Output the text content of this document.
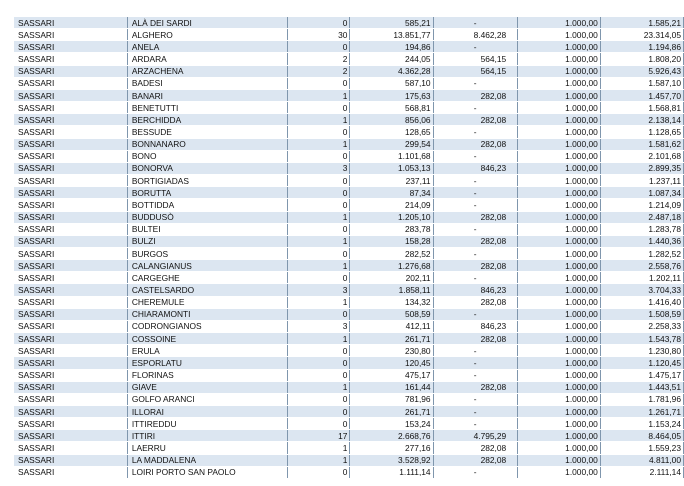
SASSARI	ALÀ DEI SARDI	0	585,21	-	1.000,00	1.585,21
SASSARI	ALGHERO	30	13.851,77	8.462,28	1.000,00	23.314,05
SASSARI	ANELA	0	194,86	-	1.000,00	1.194,86
SASSARI	ARDARA	2	244,05	564,15	1.000,00	1.808,20
SASSARI	ARZACHENA	2	4.362,28	564,15	1.000,00	5.926,43
SASSARI	BADESI	0	587,10	-	1.000,00	1.587,10
SASSARI	BANARI	1	175,63	282,08	1.000,00	1.457,70
SASSARI	BENETUTTI	0	568,81	-	1.000,00	1.568,81
SASSARI	BERCHIDDA	1	856,06	282,08	1.000,00	2.138,14
SASSARI	BESSUDE	0	128,65	-	1.000,00	1.128,65
SASSARI	BONNANARO	1	299,54	282,08	1.000,00	1.581,62
SASSARI	BONO	0	1.101,68	-	1.000,00	2.101,68
SASSARI	BONORVA	3	1.053,13	846,23	1.000,00	2.899,35
SASSARI	BORTIGIADAS	0	237,11	-	1.000,00	1.237,11
SASSARI	BORUTTA	0	87,34	-	1.000,00	1.087,34
SASSARI	BOTTIDDA	0	214,09	-	1.000,00	1.214,09
SASSARI	BUDDUSÒ	1	1.205,10	282,08	1.000,00	2.487,18
SASSARI	BULTEI	0	283,78	-	1.000,00	1.283,78
SASSARI	BULZI	1	158,28	282,08	1.000,00	1.440,36
SASSARI	BURGOS	0	282,52	-	1.000,00	1.282,52
SASSARI	CALANGIANUS	1	1.276,68	282,08	1.000,00	2.558,76
SASSARI	CARGEGHE	0	202,11	-	1.000,00	1.202,11
SASSARI	CASTELSARDO	3	1.858,11	846,23	1.000,00	3.704,33
SASSARI	CHEREMULE	1	134,32	282,08	1.000,00	1.416,40
SASSARI	CHIARAMONTI	0	508,59	-	1.000,00	1.508,59
SASSARI	CODRONGIANOS	3	412,11	846,23	1.000,00	2.258,33
SASSARI	COSSOINE	1	261,71	282,08	1.000,00	1.543,78
SASSARI	ERULA	0	230,80	-	1.000,00	1.230,80
SASSARI	ESPORLATU	0	120,45	-	1.000,00	1.120,45
SASSARI	FLORINAS	0	475,17	-	1.000,00	1.475,17
SASSARI	GIAVE	1	161,44	282,08	1.000,00	1.443,51
SASSARI	GOLFO ARANCI	0	781,96	-	1.000,00	1.781,96
SASSARI	ILLORAI	0	261,71	-	1.000,00	1.261,71
SASSARI	ITTIREDDU	0	153,24	-	1.000,00	1.153,24
SASSARI	ITTIRI	17	2.668,76	4.795,29	1.000,00	8.464,05
SASSARI	LAERRU	1	277,16	282,08	1.000,00	1.559,23
SASSARI	LA MADDALENA	1	3.528,92	282,08	1.000,00	4.811,00
SASSARI	LOIRI PORTO SAN PAOLO	0	1.111,14	-	1.000,00	2.111,14
